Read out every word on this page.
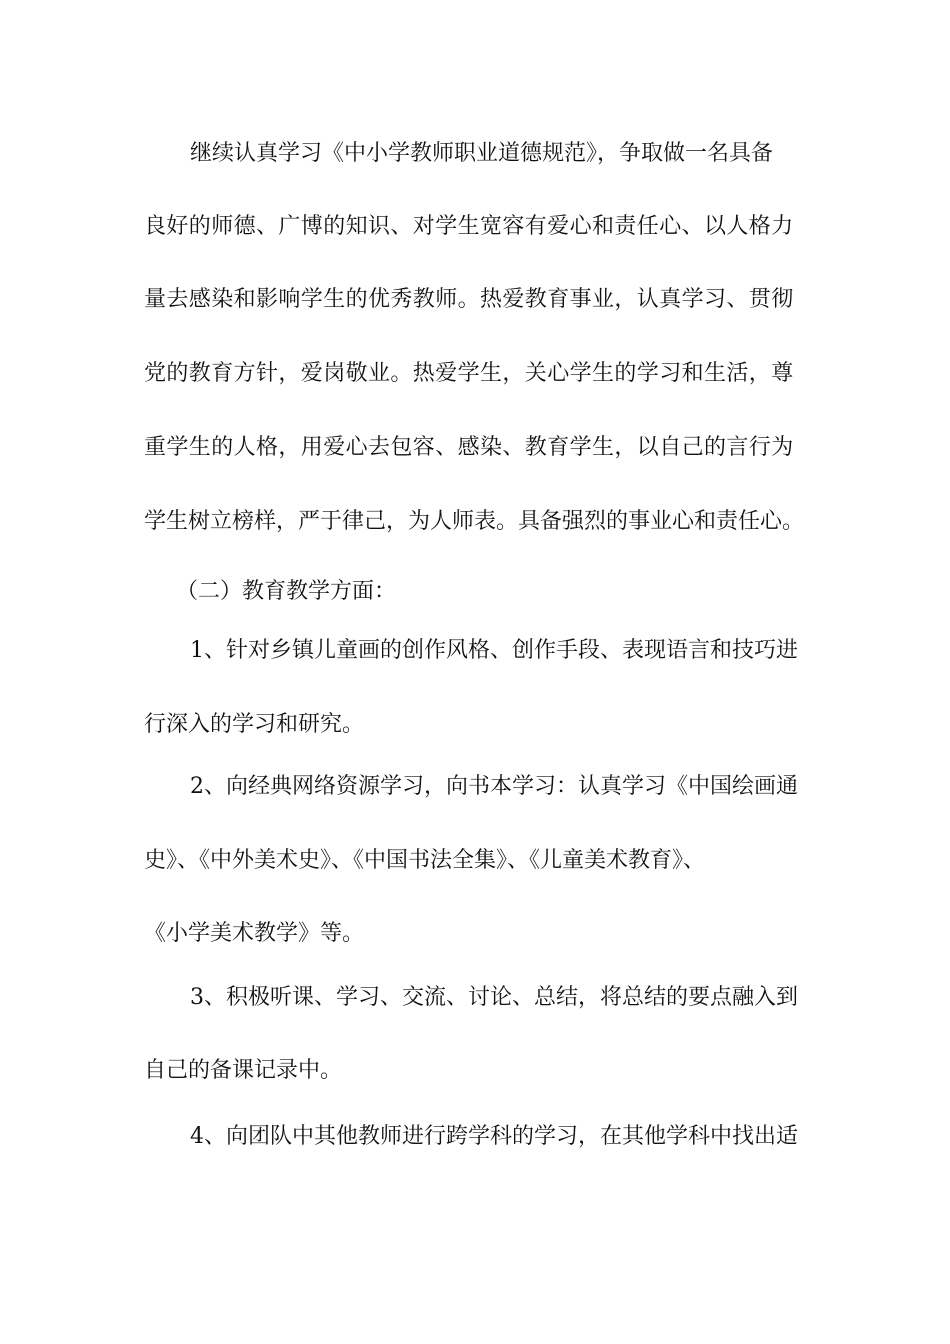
继续认真学习《中小学教师职业道德规范》，争取做一名具备
良好的师德、广博的知识、对学生宽容有爱心和责任心、以人格力
量去感染和影响学生的优秀教师。热爱教育事业，认真学习、贯彻
党的教育方针，爱岗敬业。热爱学生，关心学生的学习和生活，尊
重学生的人格，用爱心去包容、感染、教育学生，以自己的言行为
学生树立榜样，严于律己，为人师表。具备强烈的事业心和责任心。
（二）教育教学方面：
1、针对乡镇儿童画的创作风格、创作手段、表现语言和技巧进
行深入的学习和研究。
2、向经典网络资源学习，向书本学习：认真学习《中国绘画通
史》、《中外美术史》、《中国书法全集》、《儿童美术教育》、
《小学美术教学》等。
3、积极听课、学习、交流、讨论、总结，将总结的要点融入到
自己的备课记录中。
4、向团队中其他教师进行跨学科的学习，在其他学科中找出适
